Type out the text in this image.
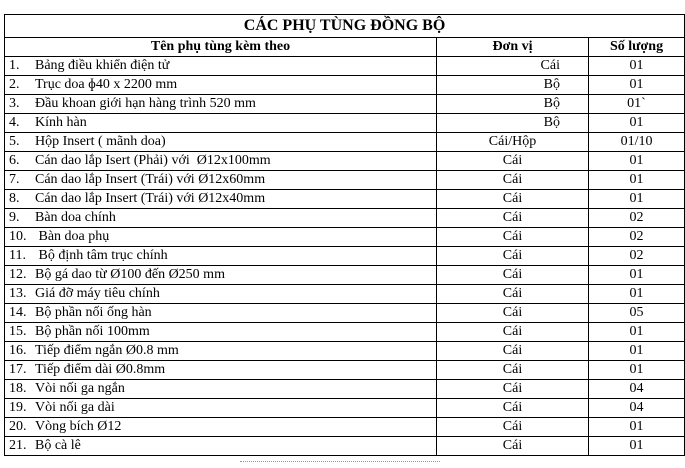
CÁC PHỤ TÙNG ĐỒNG BỘ		
Tên phụ tùng kèm theo	Đơn vị	Số lượng
1. Bảng điều khiển điện tử	Cái	01
2. Trục doa ɸ40 x 2200 mm	Bộ	01
3. Đầu khoan giới hạn hàng trình 520 mm	Bộ	01`
4. Kính hàn	Bộ	01
5. Hộp Insert ( mãnh doa)	Cái/Hộp	01/10
6. Cán dao lắp Isert (Phải) với  Ø12x100mm	Cái	01
7. Cán dao lắp Insert (Trái) với Ø12x60mm	Cái	01
8. Cán dao lắp Insert (Trái) với Ø12x40mm	Cái	01
9. Bàn doa chính	Cái	02
10. Bàn doa phụ	Cái	02
11. Bộ định tâm trục chính	Cái	02
12. Bộ gá dao từ Ø100 đến Ø250 mm	Cái	01
13. Giá đỡ máy tiêu chính	Cái	01
14. Bộ phần nối ống hàn	Cái	05
15. Bộ phần nối 100mm	Cái	01
16. Tiếp điểm ngắn Ø0.8 mm	Cái	01
17. Tiếp điểm dài Ø0.8mm	Cái	01
18. Vòi nối ga ngắn	Cái	04
19. Vòi nối ga dài	Cái	04
20. Vòng bích Ø12	Cái	01
21. Bộ cà lê	Cái	01
